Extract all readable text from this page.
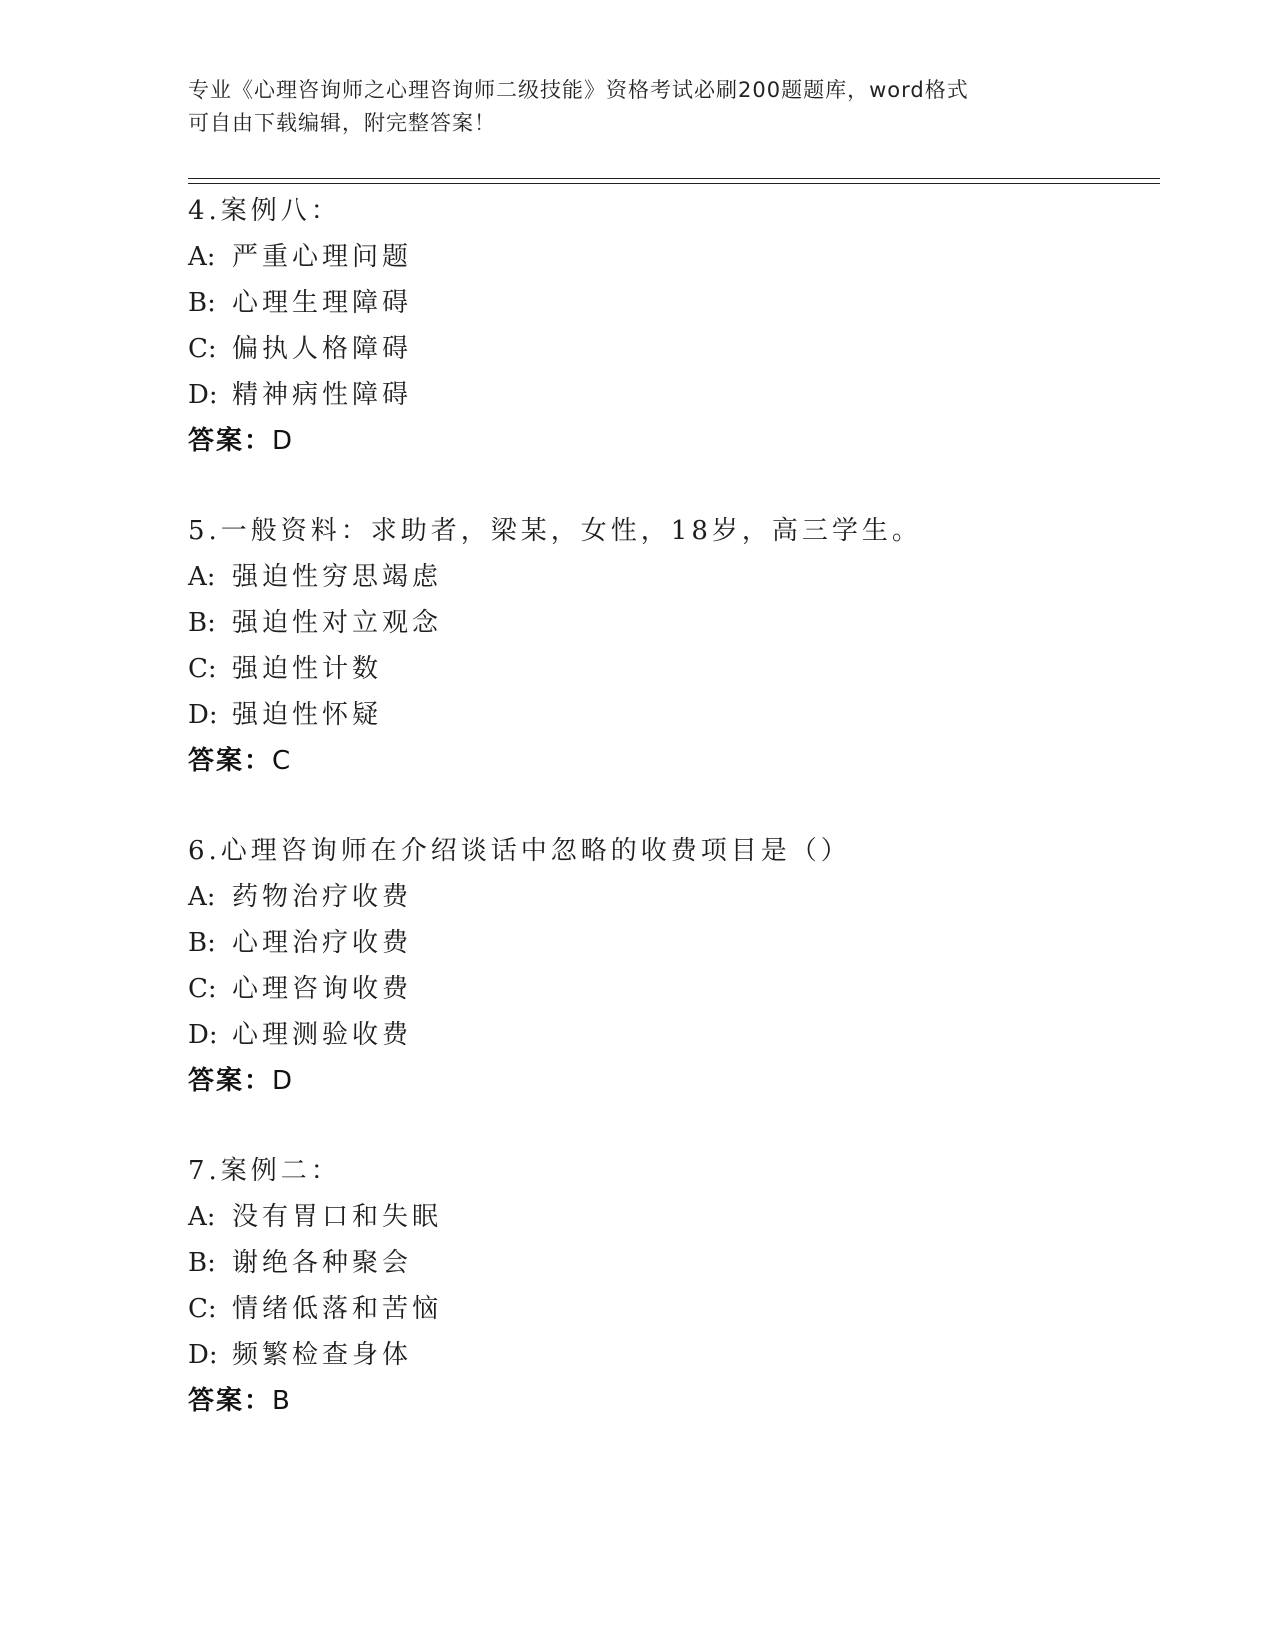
专业《心理咨询师之心理咨询师二级技能》资格考试必刷200题题库，word格式
可自由下载编辑，附完整答案！
4.案例八：
A: 严重心理问题
B: 心理生理障碍
C: 偏执人格障碍
D: 精神病性障碍
答案：D
5.一般资料：求助者，梁某，女性，18岁，高三学生。
A: 强迫性穷思竭虑
B: 强迫性对立观念
C: 强迫性计数
D: 强迫性怀疑
答案：C
6.心理咨询师在介绍谈话中忽略的收费项目是（）
A: 药物治疗收费
B: 心理治疗收费
C: 心理咨询收费
D: 心理测验收费
答案：D
7.案例二：
A: 没有胃口和失眠
B: 谢绝各种聚会
C: 情绪低落和苦恼
D: 频繁检查身体
答案：B
